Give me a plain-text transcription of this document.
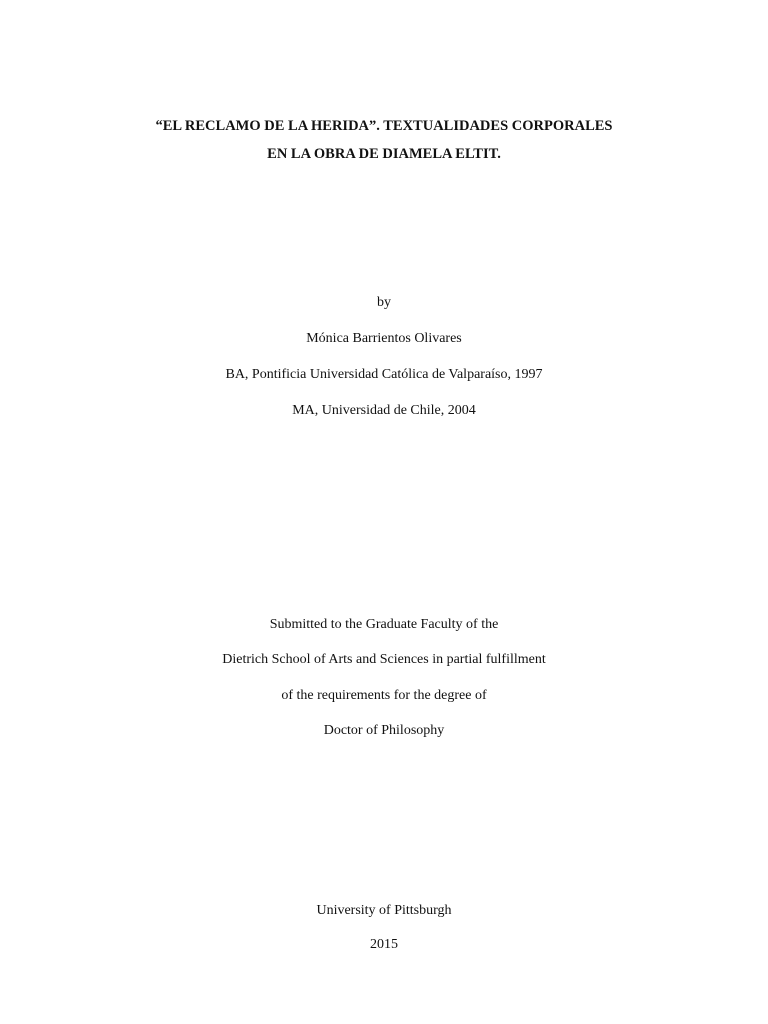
“EL RECLAMO DE LA HERIDA”. TEXTUALIDADES CORPORALES
EN LA OBRA DE DIAMELA ELTIT.
by
Mónica Barrientos Olivares
BA, Pontificia Universidad Católica de Valparaíso, 1997
MA, Universidad de Chile, 2004
Submitted to the Graduate Faculty of the
Dietrich School of Arts and Sciences in partial fulfillment
of the requirements for the degree of
Doctor of Philosophy
University of Pittsburgh
2015
